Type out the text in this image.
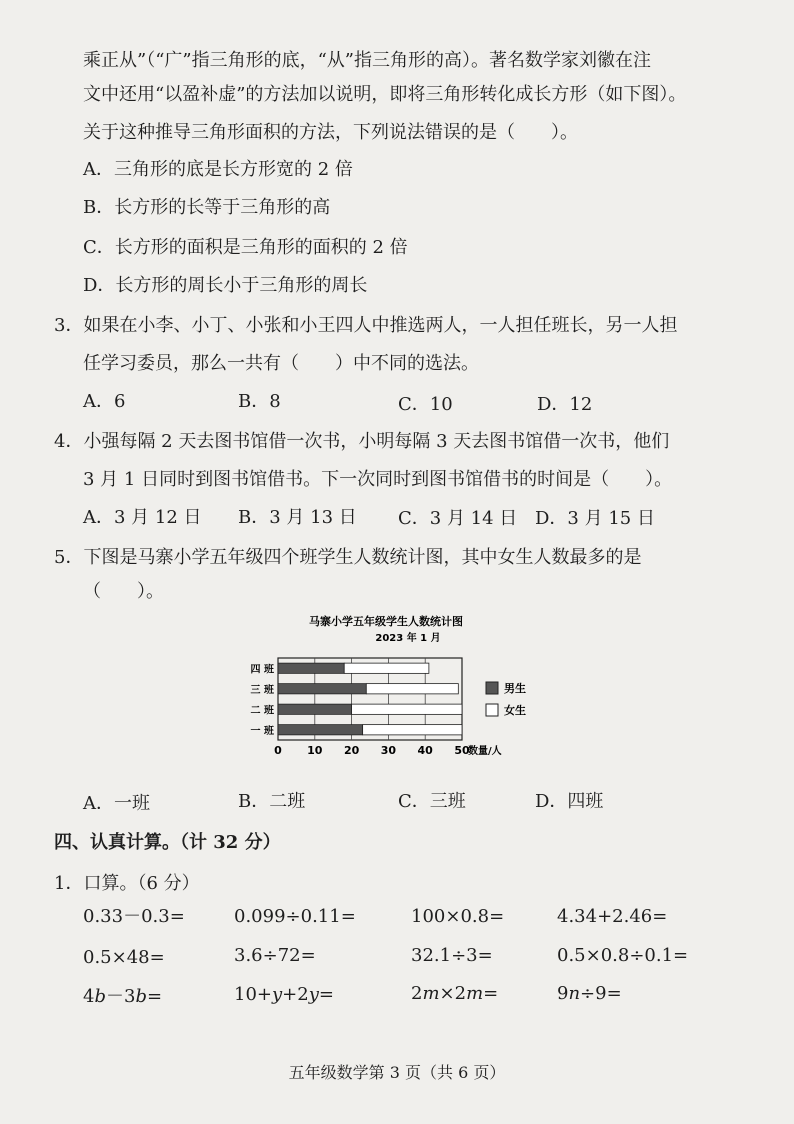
乘正从”（“广”指三角形的底，“从”指三角形的高）。著名数学家刘徽在注
文中还用“以盈补虚”的方法加以说明，即将三角形转化成长方形（如下图）。
关于这种推导三角形面积的方法，下列说法错误的是（　　）。
A．三角形的底是长方形宽的 2 倍
B．长方形的长等于三角形的高
C．长方形的面积是三角形的面积的 2 倍
D．长方形的周长小于三角形的周长
3．如果在小李、小丁、小张和小王四人中推选两人，一人担任班长，另一人担
任学习委员，那么一共有（　　）中不同的选法。
A．6	B．8	C．10	D．12
4．小强每隔 2 天去图书馆借一次书，小明每隔 3 天去图书馆借一次书，他们
3 月 1 日同时到图书馆借书。下一次同时到图书馆借书的时间是（　　）。
A．3 月 12 日 B．3 月 13 日 C．3 月 14 日 D．3 月 15 日
5．下图是马寨小学五年级四个班学生人数统计图，其中女生人数最多的是
（　　）。
马寨小学五年级学生人数统计图
2023 年 1 月
四 班
三 班
二 班
一 班
0 10 20 30 40 50
数量/人
男生
女生
A．一班	B．二班	C．三班	D．四班
四、认真计算。（计 32 分）
1．口算。（6 分）
0.33－0.3=	0.099÷0.11=	100×0.8=	4.34+2.46=
0.5×48=	3.6÷72=	32.1÷3=	0.5×0.8÷0.1=
4b－3b=	10+y+2y=	2m×2m=	9n÷9=
五年级数学第 3 页（共 6 页）
